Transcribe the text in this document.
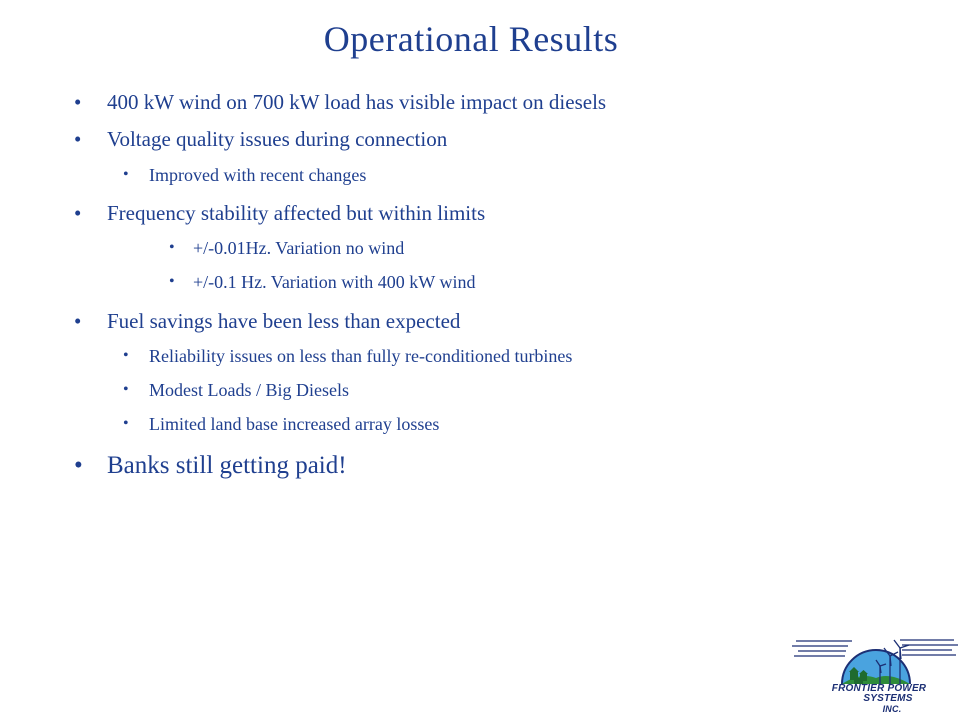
Operational Results
• 400 kW wind on 700 kW load has visible impact on diesels
• Voltage quality issues during connection
• Improved with recent changes
• Frequency stability affected but within limits
• +/-0.01Hz. Variation no wind
• +/-0.1 Hz. Variation with 400 kW wind
• Fuel savings have been less than expected
• Reliability issues on less than fully re-conditioned turbines
• Modest Loads / Big Diesels
• Limited land base increased array losses
• Banks still getting paid!
FRONTIER POWER
SYSTEMS
INC.
